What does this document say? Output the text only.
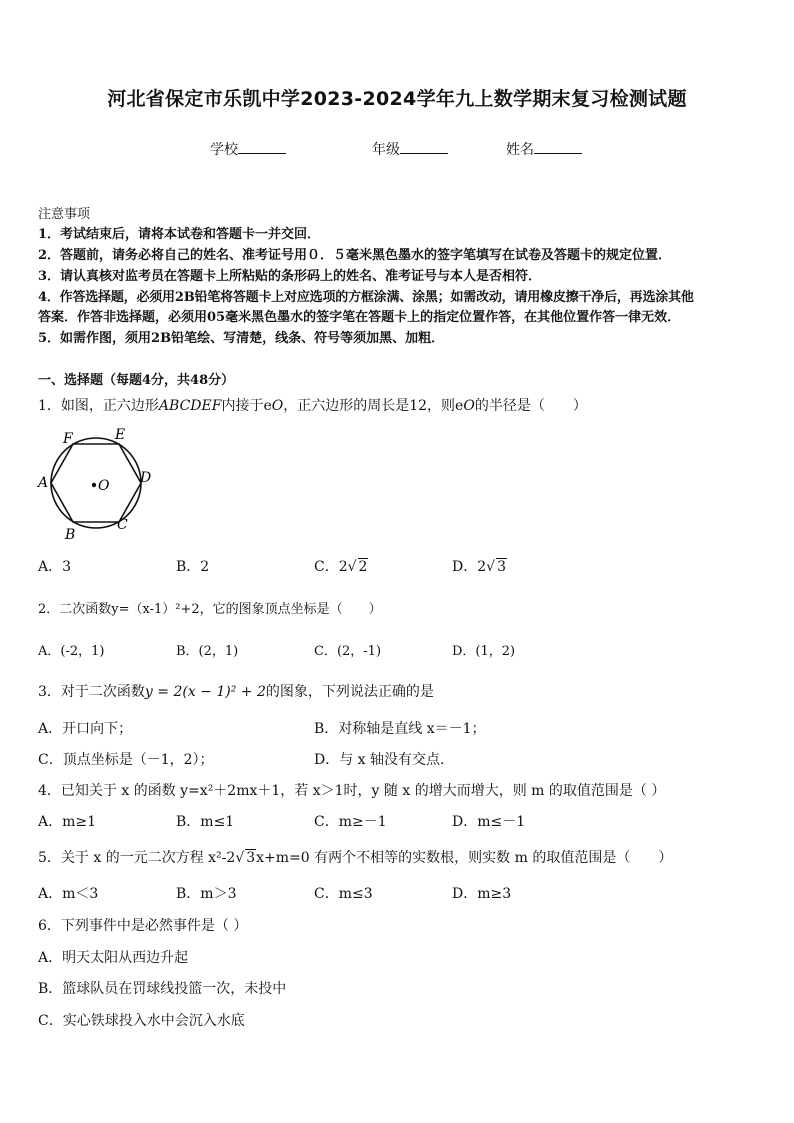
河北省保定市乐凯中学2023-2024学年九上数学期末复习检测试题
学校	年级	姓名
注意事项
1．考试结束后，请将本试卷和答题卡一并交回．
2．答题前，请务必将自己的姓名、准考证号用０．５毫米黑色墨水的签字笔填写在试卷及答题卡的规定位置．
3．请认真核对监考员在答题卡上所粘贴的条形码上的姓名、准考证号与本人是否相符．
4．作答选择题，必须用2B铅笔将答题卡上对应选项的方框涂满、涂黑；如需改动，请用橡皮擦干净后，再选涂其他
答案．作答非选择题，必须用05毫米黑色墨水的签字笔在答题卡上的指定位置作答，在其他位置作答一律无效．
5．如需作图，须用2B铅笔绘、写清楚，线条、符号等须加黑、加粗．
一、选择题（每题4分，共48分）
1．如图，正六边形ABCDEF内接于eO，正六边形的周长是12，则eO的半径是（　　）
A
B
C
D
E
F
O
A．3	B．2	C．2√ 2	D．2√ 3
2．二次函数y=（x-1）²+2，它的图象顶点坐标是（　　）
A．(-2，1)	B．(2，1)	C．(2，-1)	D．(1，2)
3．对于二次函数y = 2(x − 1)² + 2的图象，下列说法正确的是
A．开口向下；	B．对称轴是直线 x＝－1；
C．顶点坐标是（－1，2）；	D．与 x 轴没有交点．
4．已知关于 x 的函数 y=x²＋2mx＋1，若 x＞1时，y 随 x 的增大而增大，则 m 的取值范围是（ ）
A．m≥1	B．m≤1	C．m≥－1	D．m≤－1
5．关于 x 的一元二次方程 x²-2√ 3x+m=0 有两个不相等的实数根，则实数 m 的取值范围是（　　）
A．m＜3	B．m＞3	C．m≤3	D．m≥3
6．下列事件中是必然事件是（ ）
A．明天太阳从西边升起
B．篮球队员在罚球线投篮一次，未投中
C．实心铁球投入水中会沉入水底
